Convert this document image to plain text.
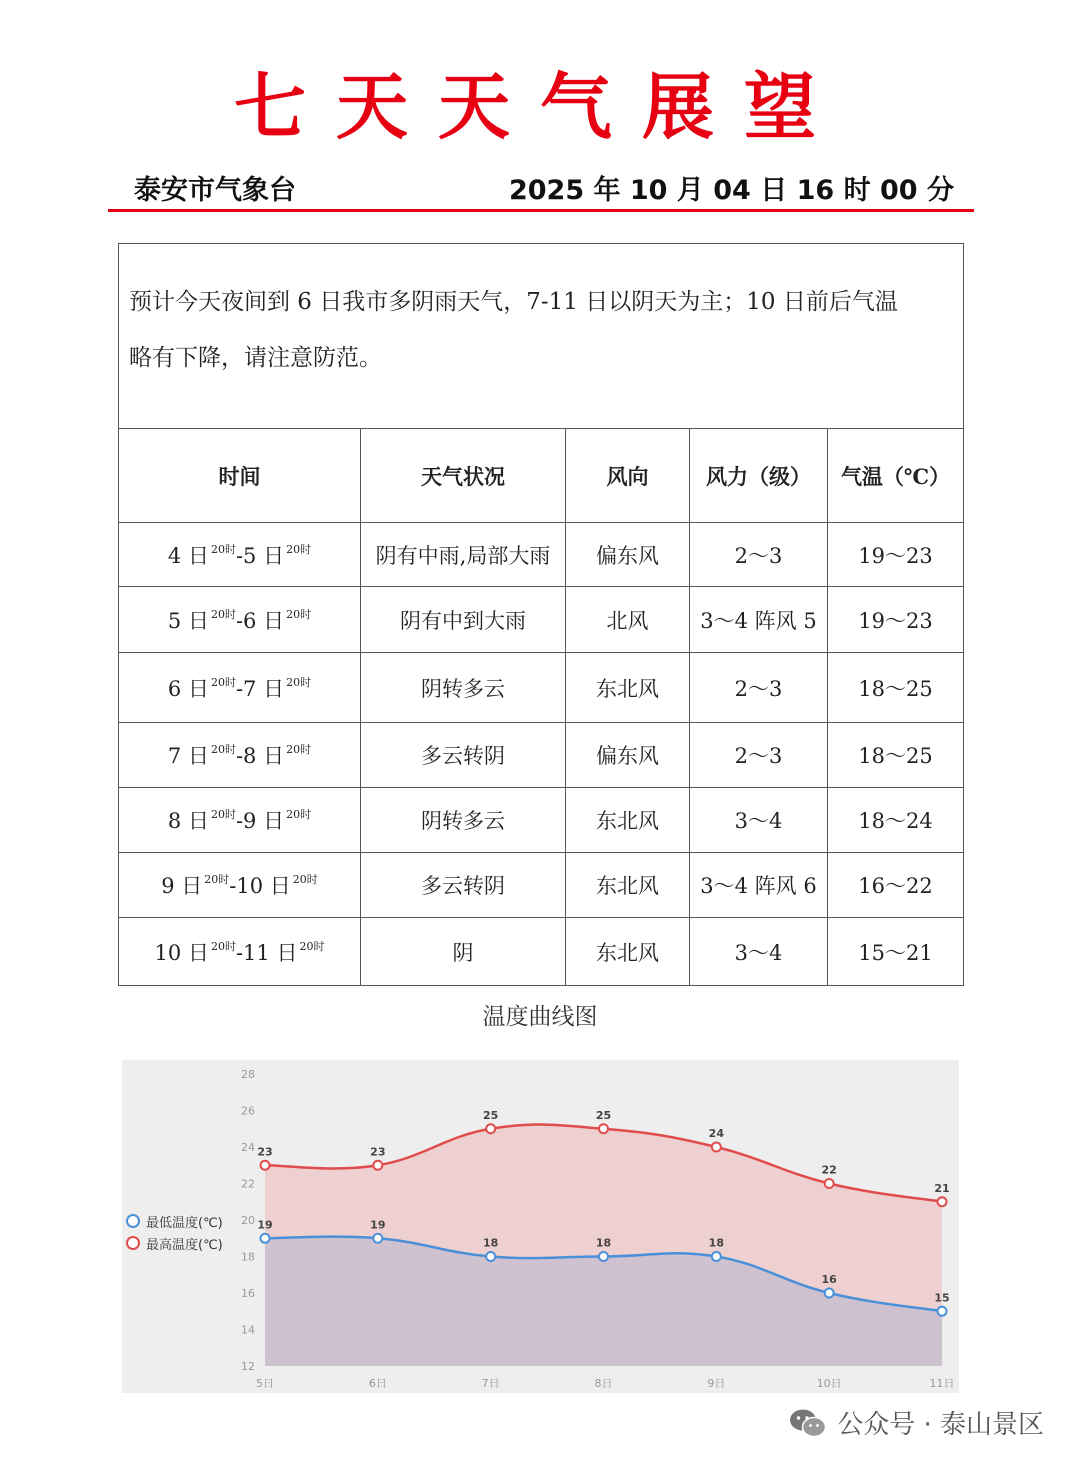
七天天气展望
泰安市气象台	2025 年 10 月 04 日 16 时 00 分
预计今天夜间到 6 日我市多阴雨天气，7-11 日以阴天为主；10 日前后气温
略有下降，请注意防范。				

时间	天气状况	风向	风力（级）	气温（℃）
4 日 $^{20时}$-5 日 $^{20时}$	阴有中雨,局部大雨	偏东风	2～3	19～23
5 日 $^{20时}$-6 日 $^{20时}$	阴有中到大雨	北风	3～4 阵风 5	19～23
6 日 $^{20时}$-7 日 $^{20时}$	阴转多云	东北风	2～3	18～25
7 日 $^{20时}$-8 日 $^{20时}$	多云转阴	偏东风	2～3	18～25
8 日 $^{20时}$-9 日 $^{20时}$	阴转多云	东北风	3～4	18～24
9 日 $^{20时}$-10 日 $^{20时}$	多云转阴	东北风	3～4 阵风 6	16～22
10 日 $^{20时}$-11 日 $^{20时}$	阴	东北风	3～4	15～21
温度曲线图
12
14
16
18
20
22
24
26
28
5日	6日	7日	8日	9日	10日	11日
19	19
18	18	18
16
15
23	23
25	25
24
22
21
最低温度(℃)
最高温度(℃)
公众号 · 泰山景区
